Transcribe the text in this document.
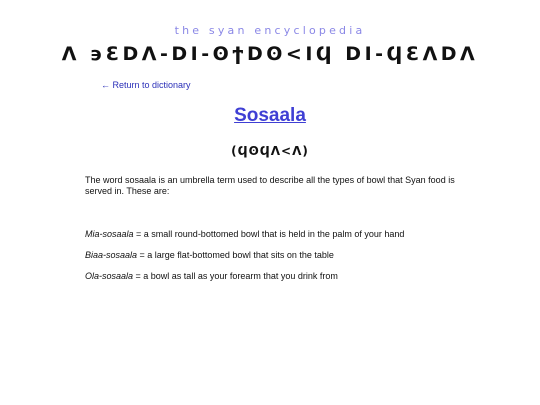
the syan encyclopedia

Λ ϶ƐDΛ-DI-ʘϯDʘ<ΙϤ DI-ϤƐΛDΛ
← Return to dictionary
Sosaala

(ϤʘϤΛ<Λ)

The word sosaala is an umbrella term used to describe all the types of bowl that Syan food is served in. These are:

Mia-sosaala = a small round-bottomed bowl that is held in the palm of your hand
Biaa-sosaala = a large flat-bottomed bowl that sits on the table
Ola-sosaala = a bowl as tall as your forearm that you drink from
